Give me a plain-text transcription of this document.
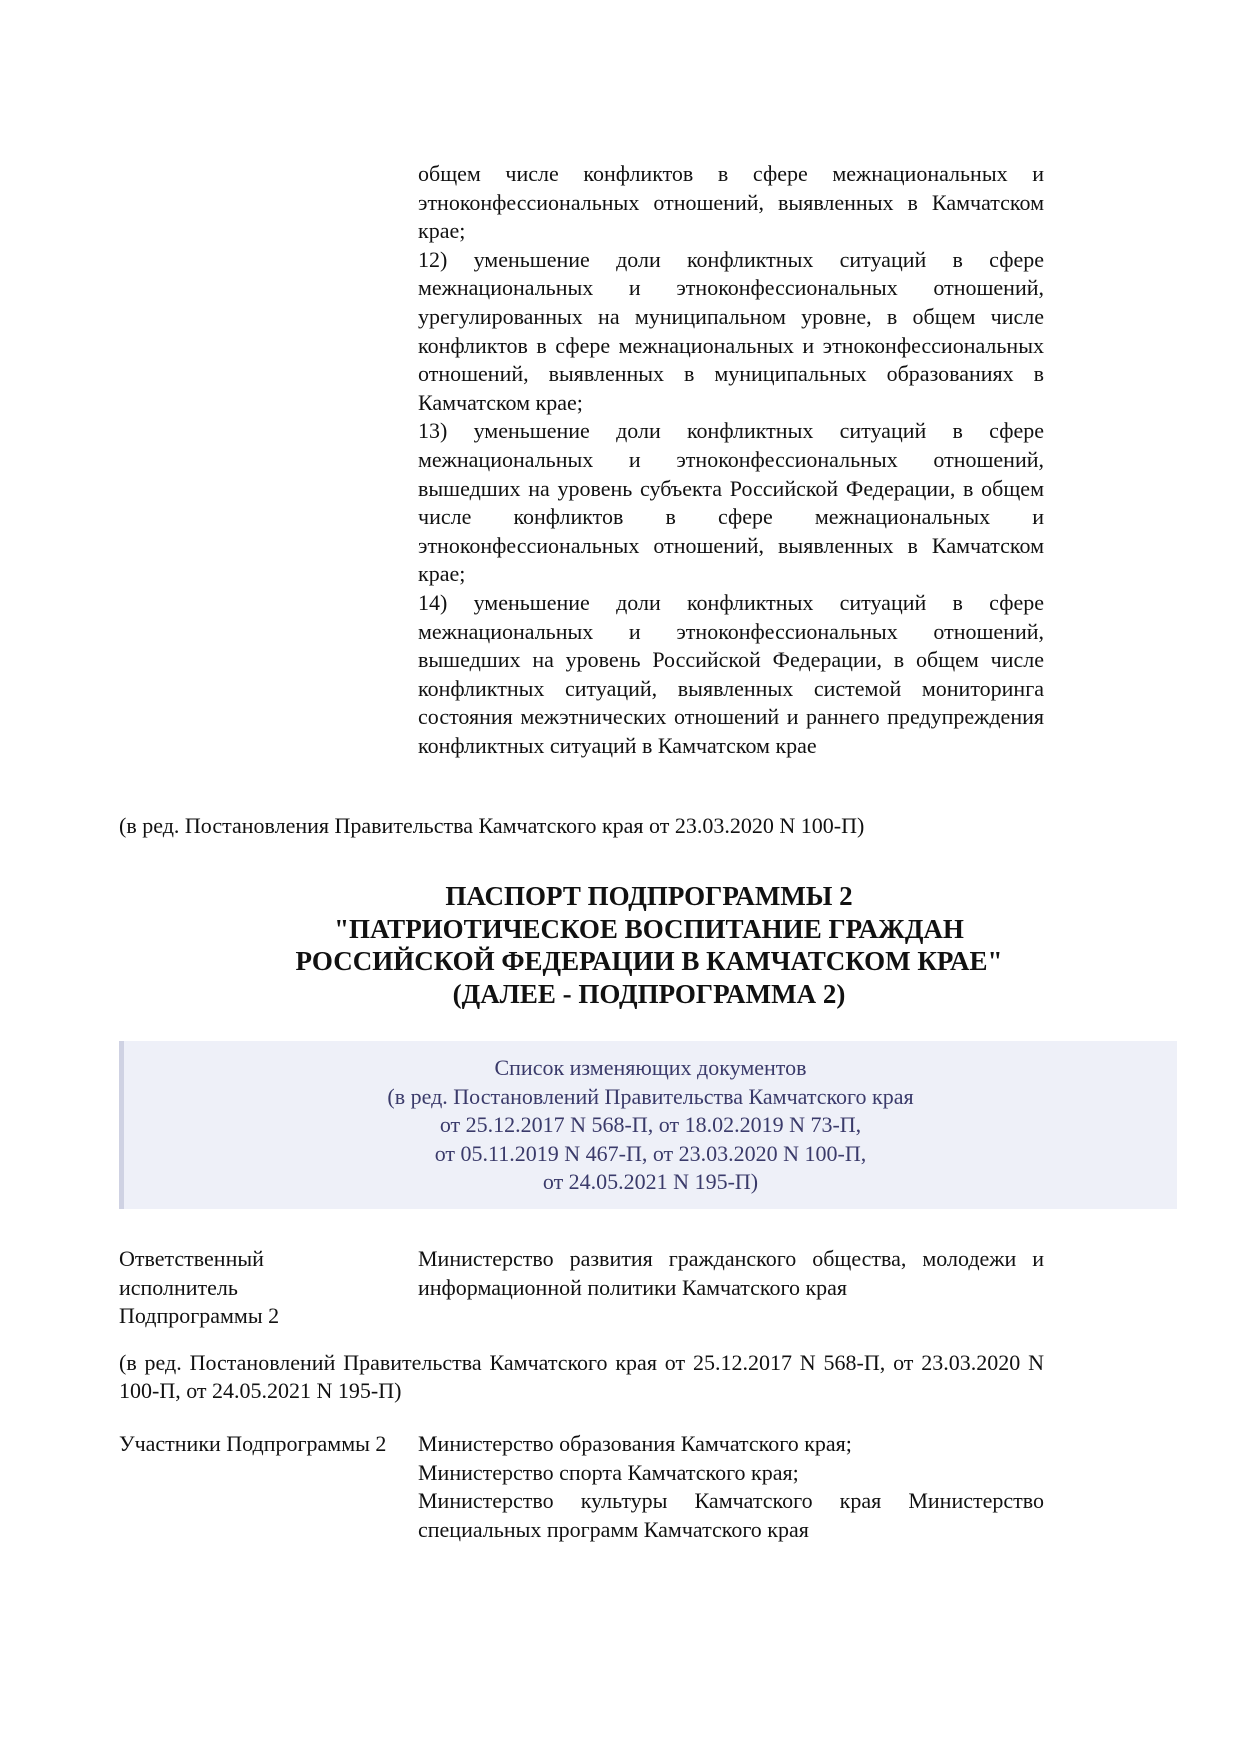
общем числе конфликтов в сфере межнациональных и этноконфессиональных отношений, выявленных в Камчатском крае;

12) уменьшение доли конфликтных ситуаций в сфере межнациональных и этноконфессиональных отношений, урегулированных на муниципальном уровне, в общем числе конфликтов в сфере межнациональных и этноконфессиональных отношений, выявленных в муниципальных образованиях в Камчатском крае;

13) уменьшение доли конфликтных ситуаций в сфере межнациональных и этноконфессиональных отношений, вышедших на уровень субъекта Российской Федерации, в общем числе конфликтов в сфере межнациональных и этноконфессиональных отношений, выявленных в Камчатском крае;

14) уменьшение доли конфликтных ситуаций в сфере межнациональных и этноконфессиональных отношений, вышедших на уровень Российской Федерации, в общем числе конфликтных ситуаций, выявленных системой мониторинга состояния межэтнических отношений и раннего предупреждения конфликтных ситуаций в Камчатском крае

(в ред. Постановления Правительства Камчатского края от 23.03.2020 N 100-П)

ПАСПОРТ ПОДПРОГРАММЫ 2
"ПАТРИОТИЧЕСКОЕ ВОСПИТАНИЕ ГРАЖДАН
РОССИЙСКОЙ ФЕДЕРАЦИИ В КАМЧАТСКОМ КРАЕ"
(ДАЛЕЕ - ПОДПРОГРАММА 2)
Список изменяющих документов
(в ред. Постановлений Правительства Камчатского края
от 25.12.2017 N 568-П, от 18.02.2019 N 73-П,
от 05.11.2019 N 467-П, от 23.03.2020 N 100-П,
от 24.05.2021 N 195-П)
Ответственный исполнитель Подпрограммы 2
Министерство развития гражданского общества, молодежи и информационной политики Камчатского края

(в ред. Постановлений Правительства Камчатского края от 25.12.2017 N 568-П, от 23.03.2020 N 100-П, от 24.05.2021 N 195-П)

Участники Подпрограммы 2	Министерство образования Камчатского края;
Министерство спорта Камчатского края;
Министерство культуры Камчатского края Министерство специальных программ Камчатского края
